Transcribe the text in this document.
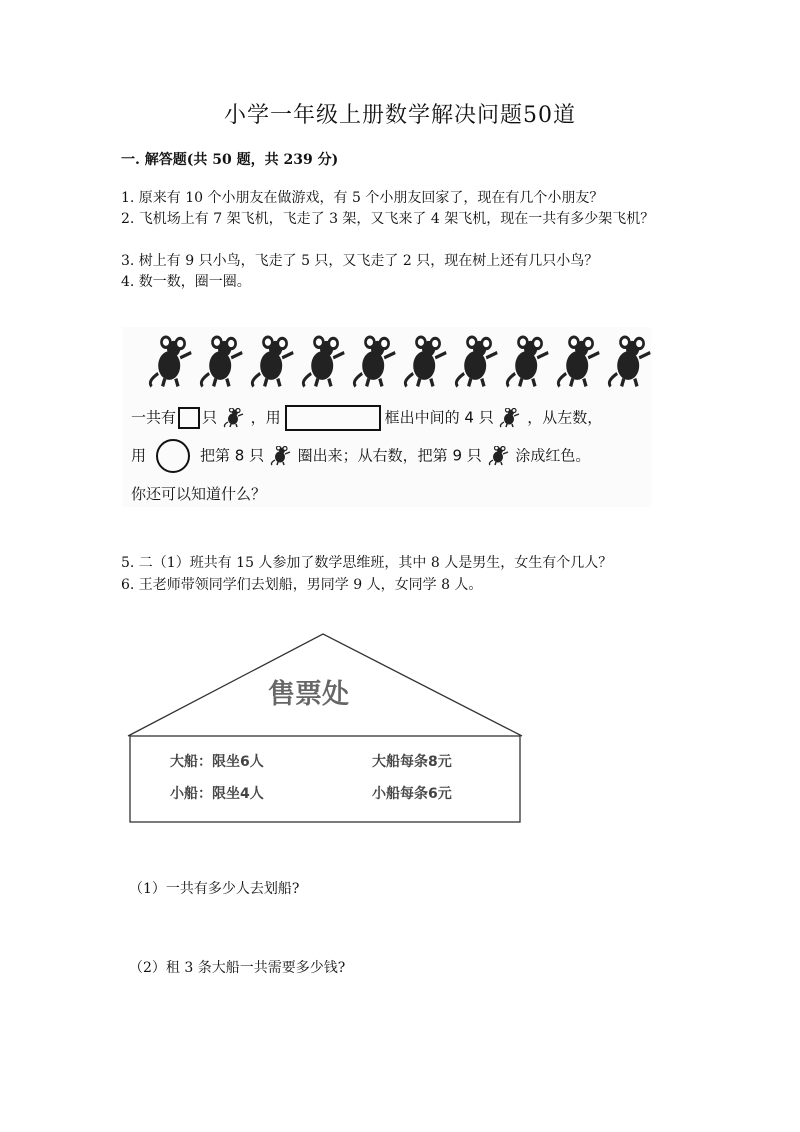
小学一年级上册数学解决问题50道
一. 解答题(共 50 题，共 239 分)
1. 原来有 10 个小朋友在做游戏，有 5 个小朋友回家了，现在有几个小朋友？
2. 飞机场上有 7 架飞机，飞走了 3 架，又飞来了 4 架飞机，现在一共有多少架飞机？
3. 树上有 9 只小鸟，飞走了 5 只，又飞走了 2 只，现在树上还有几只小鸟？
4. 数一数，圈一圈。
一共有 只 ，用	框出中间的 4 只 ，从左数，
用	把第 8 只 圈出来；从右数，把第 9 只 涂成红色。
你还可以知道什么？
5. 二（1）班共有 15 人参加了数学思维班，其中 8 人是男生，女生有个几人？
6. 王老师带领同学们去划船，男同学 9 人，女同学 8 人。
售票处
大船：限坐6人	大船每条8元
小船：限坐4人	小船每条6元
（1）一共有多少人去划船?
（2）租 3 条大船一共需要多少钱?
